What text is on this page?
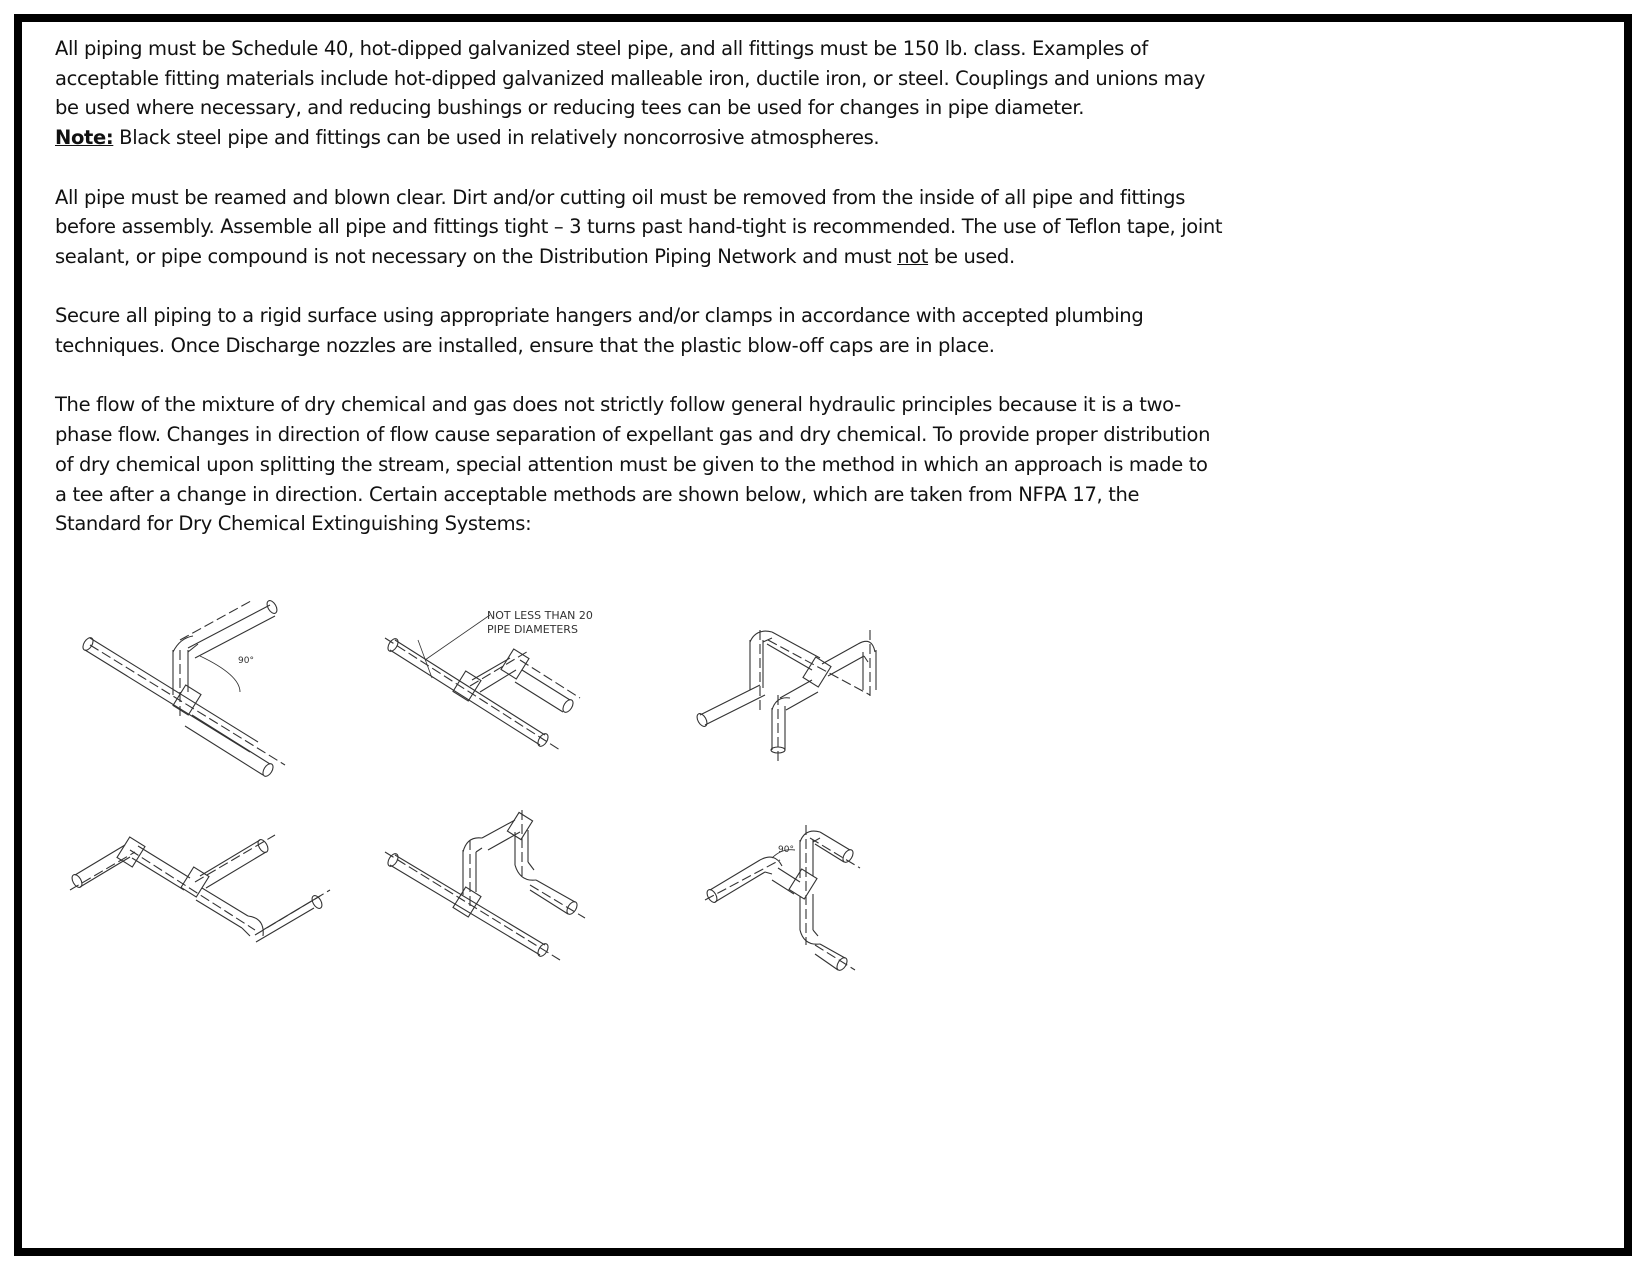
All piping must be Schedule 40, hot-dipped galvanized steel pipe, and all fittings must be 150 lb. class. Examples of acceptable fitting materials include hot-dipped galvanized malleable iron, ductile iron, or steel. Couplings and unions may be used where necessary, and reducing bushings or reducing tees can be used for changes in pipe diameter.
Note: Black steel pipe and fittings can be used in relatively noncorrosive atmospheres.

All pipe must be reamed and blown clear. Dirt and/or cutting oil must be removed from the inside of all pipe and fittings before assembly. Assemble all pipe and fittings tight – 3 turns past hand-tight is recommended. The use of Teflon tape, joint sealant, or pipe compound is not necessary on the Distribution Piping Network and must not be used.

Secure all piping to a rigid surface using appropriate hangers and/or clamps in accordance with accepted plumbing techniques. Once Discharge nozzles are installed, ensure that the plastic blow-off caps are in place.

The flow of the mixture of dry chemical and gas does not strictly follow general hydraulic principles because it is a two-phase flow. Changes in direction of flow cause separation of expellant gas and dry chemical. To provide proper distribution of dry chemical upon splitting the stream, special attention must be given to the method in which an approach is made to a tee after a change in direction. Certain acceptable methods are shown below, which are taken from NFPA 17, the Standard for Dry Chemical Extinguishing Systems:

90°
NOT LESS THAN 20
PIPE DIAMETERS
90°
